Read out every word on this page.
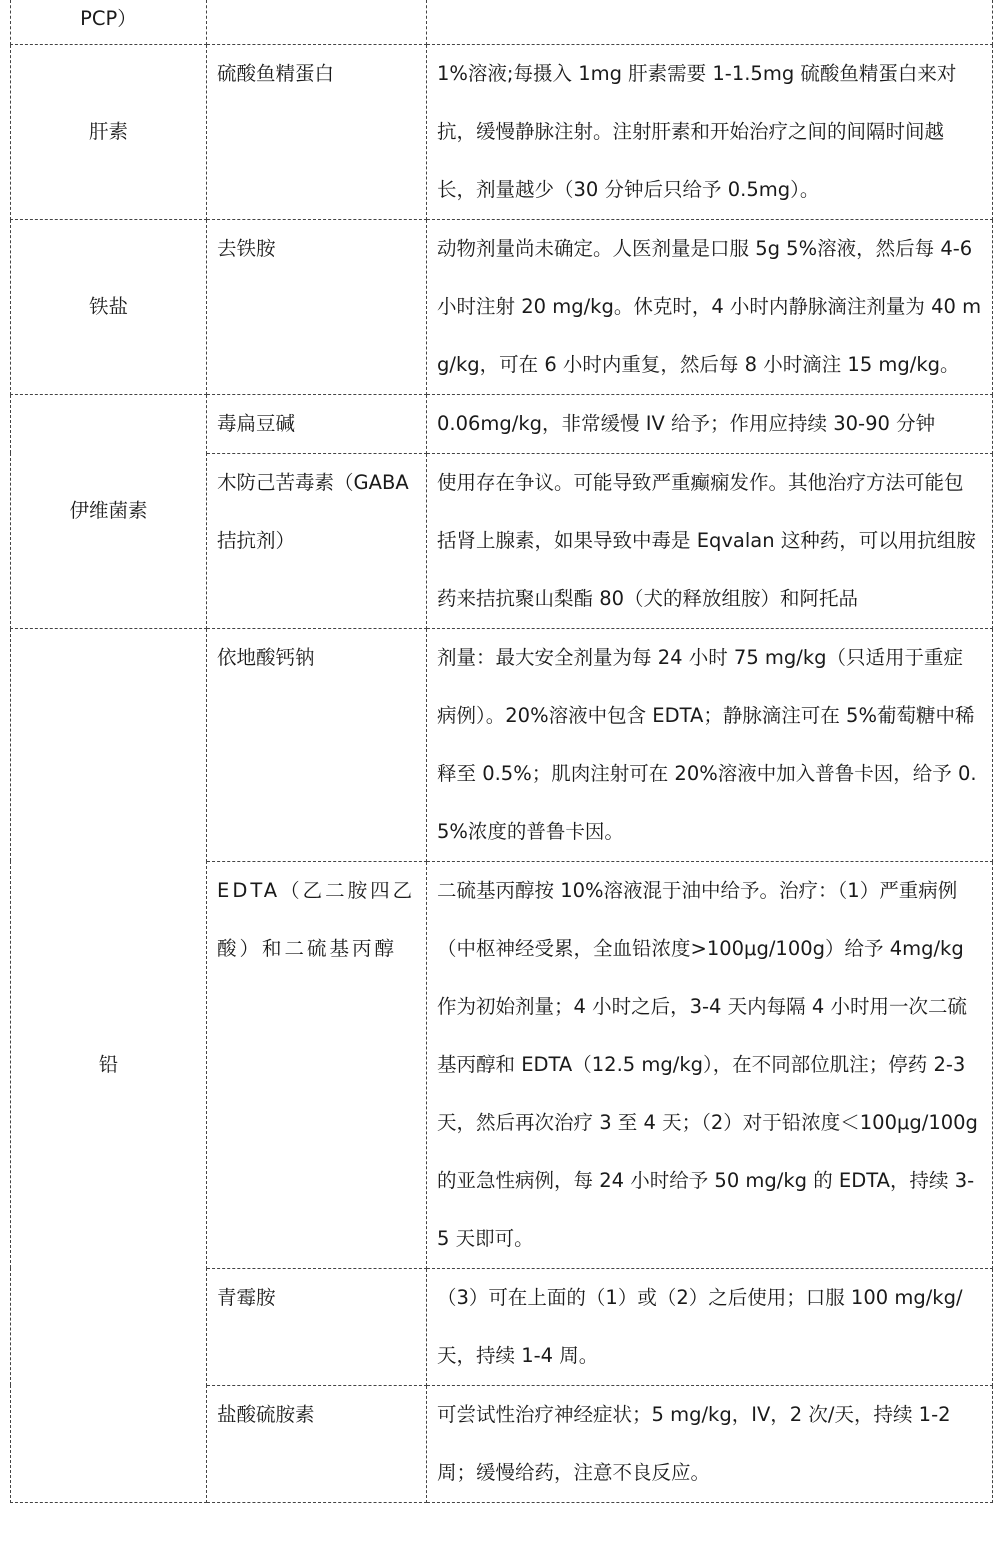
PCP）		
肝素	硫酸鱼精蛋白	1%溶液;每摄入 1mg 肝素需要 1-1.5mg 硫酸鱼精蛋白来对抗，缓慢静脉注射。注射肝素和开始治疗之间的间隔时间越长，剂量越少（30 分钟后只给予 0.5mg）。
铁盐	去铁胺	动物剂量尚未确定。人医剂量是口服 5g 5%溶液，然后每 4-6 小时注射 20 mg/kg。休克时，4 小时内静脉滴注剂量为 40 mg/kg，可在 6 小时内重复，然后每 8 小时滴注 15 mg/kg。
伊维菌素	毒扁豆碱	0.06mg/kg，非常缓慢 IV 给予；作用应持续 30-90 分钟
	木防己苦毒素（GABA 拮抗剂）	使用存在争议。可能导致严重癫痫发作。其他治疗方法可能包括肾上腺素，如果导致中毒是 Eqvalan 这种药，可以用抗组胺药来拮抗聚山梨酯 80（犬的释放组胺）和阿托品
铅	依地酸钙钠	剂量：最大安全剂量为每 24 小时 75 mg/kg（只适用于重症病例）。20%溶液中包含 EDTA；静脉滴注可在 5%葡萄糖中稀释至 0.5%；肌肉注射可在 20%溶液中加入普鲁卡因，给予 0.5%浓度的普鲁卡因。
	EDTA（乙二胺四乙酸）和二硫基丙醇	二硫基丙醇按 10%溶液混于油中给予。治疗：（1）严重病例（中枢神经受累，全血铅浓度>100μg/100g）给予 4mg/kg 作为初始剂量；4 小时之后，3-4 天内每隔 4 小时用一次二硫基丙醇和 EDTA（12.5 mg/kg），在不同部位肌注；停药 2-3 天，然后再次治疗 3 至 4 天；（2）对于铅浓度＜100μg/100g 的亚急性病例，每 24 小时给予 50 mg/kg 的 EDTA，持续 3-5 天即可。
	青霉胺	（3）可在上面的（1）或（2）之后使用；口服 100 mg/kg/天，持续 1-4 周。
	盐酸硫胺素	可尝试性治疗神经症状；5 mg/kg，IV，2 次/天，持续 1-2 周；缓慢给药，注意不良反应。
